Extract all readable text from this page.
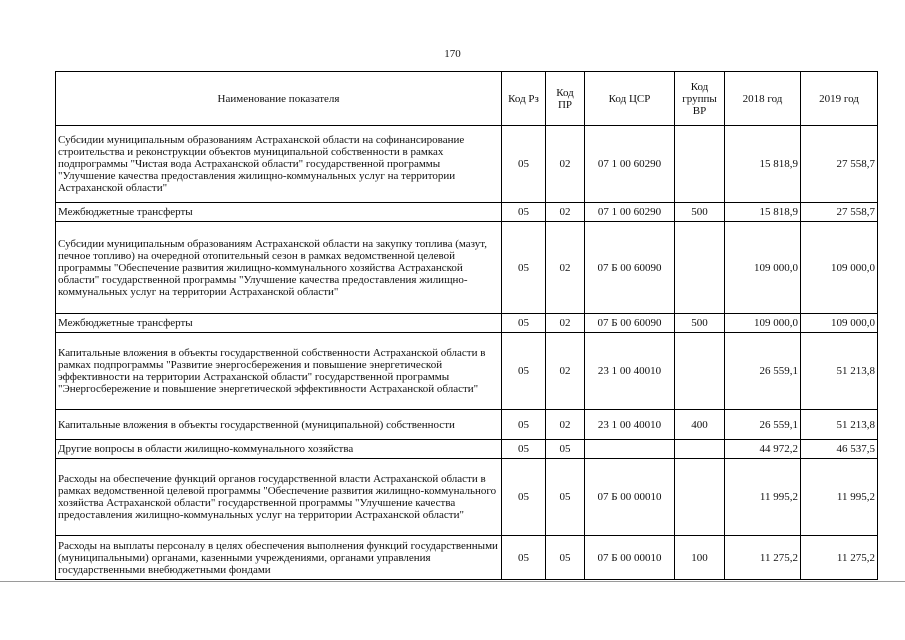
170
Наименование показателя	Код Рз	Код ПР	Код ЦСР	Код группы ВР	2018 год	2019 год
Субсидии муниципальным образованиям Астраханской области на софинансирование строительства и реконструкции объектов муниципальной собственности в рамках подпрограммы "Чистая вода Астраханской области" государственной программы "Улучшение качества предоставления жилищно-коммунальных услуг на территории Астраханской области"	05	02	07 1 00 60290		15 818,9	27 558,7
Межбюджетные трансферты	05	02	07 1 00 60290	500	15 818,9	27 558,7
Субсидии муниципальным образованиям Астраханской области на закупку топлива (мазут, печное топливо) на очередной отопительный сезон в рамках ведомственной целевой программы "Обеспечение развития жилищно-коммунального хозяйства Астраханской области" государственной программы "Улучшение качества предоставления жилищно-коммунальных услуг на территории Астраханской области"	05	02	07 Б 00 60090		109 000,0	109 000,0
Межбюджетные трансферты	05	02	07 Б 00 60090	500	109 000,0	109 000,0
Капитальные вложения в объекты государственной собственности Астраханской области в рамках подпрограммы "Развитие энергосбережения и повышение энергетической эффективности на территории Астраханской области" государственной программы "Энергосбережение и повышение энергетической эффективности Астраханской области"	05	02	23 1 00 40010		26 559,1	51 213,8
Капитальные вложения в объекты государственной (муниципальной) собственности	05	02	23 1 00 40010	400	26 559,1	51 213,8
Другие вопросы в области жилищно-коммунального хозяйства	05	05			44 972,2	46 537,5
Расходы на обеспечение функций органов государственной власти Астраханской области в рамках ведомственной целевой программы "Обеспечение развития жилищно-коммунального хозяйства Астраханской области" государственной программы "Улучшение качества предоставления жилищно-коммунальных услуг на территории Астраханской области"	05	05	07 Б 00 00010		11 995,2	11 995,2
Расходы на выплаты персоналу в целях обеспечения выполнения функций государственными (муниципальными) органами, казенными учреждениями, органами управления государственными внебюджетными фондами	05	05	07 Б 00 00010	100	11 275,2	11 275,2
